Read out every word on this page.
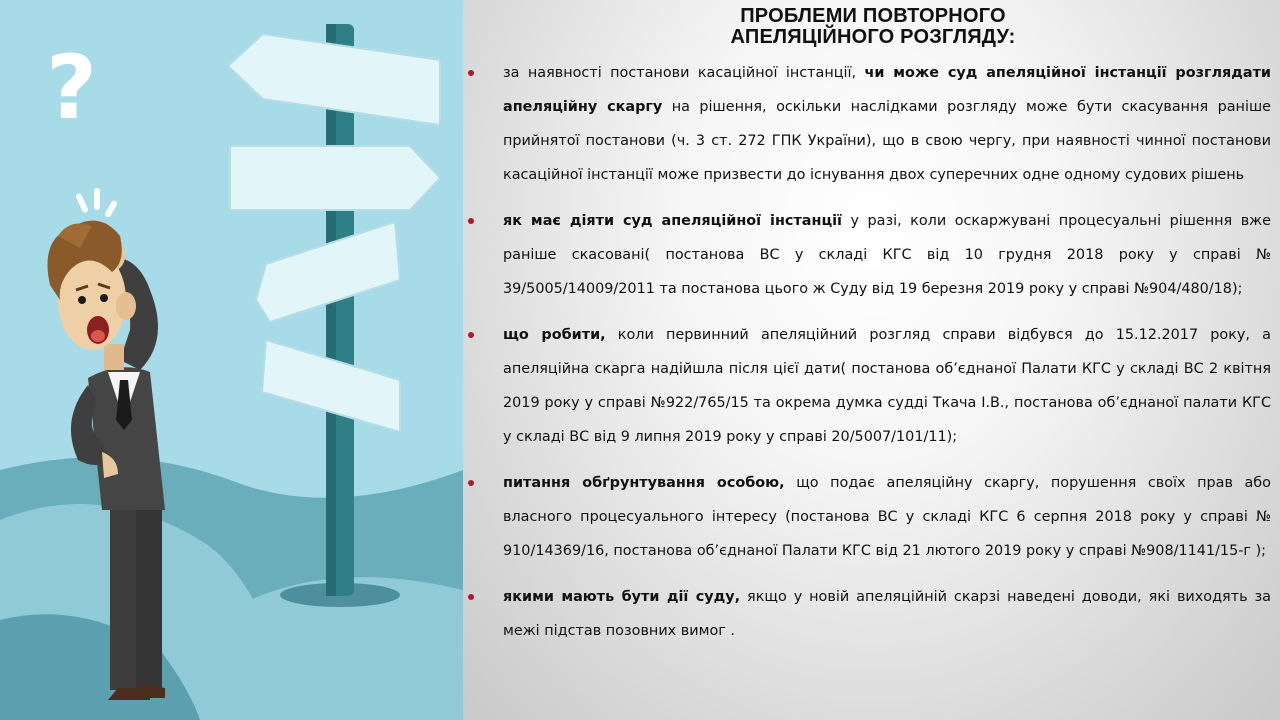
?
ПРОБЛЕМИ ПОВТОРНОГО
АПЕЛЯЦІЙНОГО РОЗГЛЯДУ:

за наявності постанови касаційної інстанції, чи може суд апеляційної інстанції розглядати апеляційну скаргу на рішення, оскільки наслідками розгляду може бути скасування раніше прийнятої постанови (ч. 3 ст. 272 ГПК України), що в свою чергу, при наявності чинної постанови касаційної інстанції може призвести до існування двох суперечних одне одному судових рішень

як має діяти суд апеляційної інстанції у разі, коли оскаржувані процесуальні рішення вже раніше скасовані( постанова ВС у складі КГС від 10 грудня 2018 року у справі № 39/5005/14009/2011 та постанова цього ж Суду від 19 березня 2019 року у справі №904/480/18);

що робити, коли первинний апеляційний розгляд справи відбувся до 15.12.2017 року, а апеляційна скарга надійшла після цієї дати( постанова об’єднаної Палати КГС у складі ВС 2 квітня 2019 року у справі №922/765/15 та окрема думка судді Ткача І.В., постанова об’єднаної палати КГС у складі ВС від 9 липня 2019 року у справі 20/5007/101/11);

питання обґрунтування особою, що подає апеляційну скаргу, порушення своїх прав або власного процесуального інтересу (постанова ВС у складі КГС 6 серпня 2018 року у справі № 910/14369/16, постанова об’єднаної Палати КГС від 21 лютого 2019 року у справі №908/1141/15-г );

якими мають бути дії суду, якщо у новій апеляційній скарзі наведені доводи, які виходять за межі підстав позовних вимог .
